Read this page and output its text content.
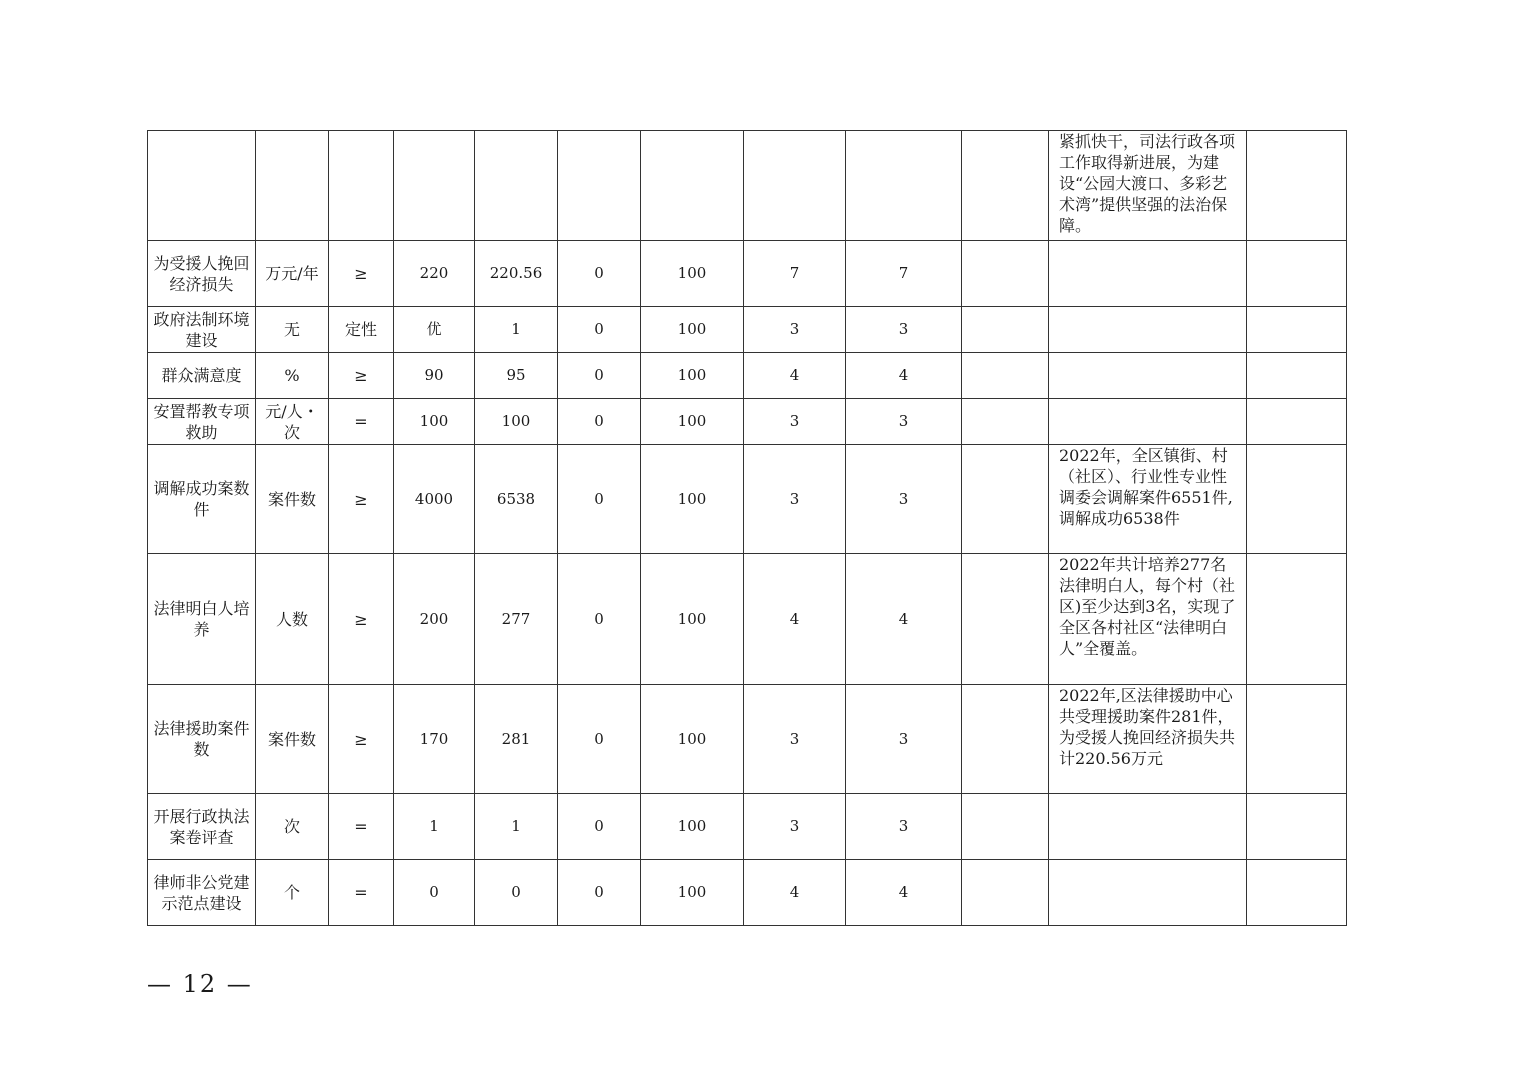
										紧抓快干，司法行政各项工作取得新进展，为建设“公园大渡口、多彩艺术湾”提供坚强的法治保障。	
为受援人挽回经济损失	万元/年	≥	220	220.56	0	100	7	7			
政府法制环境建设	无	定性	优	1	0	100	3	3			
群众满意度	%	≥	90	95	0	100	4	4			
安置帮教专项救助	元/人・次	=	100	100	0	100	3	3			
调解成功案数件	案件数	≥	4000	6538	0	100	3	3		2022年，全区镇街、村（社区）、行业性专业性调委会调解案件6551件,调解成功6538件	
法律明白人培养	人数	≥	200	277	0	100	4	4		2022年共计培养277名法律明白人，每个村（社区)至少达到3名，实现了全区各村社区“法律明白人”全覆盖。	
法律援助案件数	案件数	≥	170	281	0	100	3	3		2022年,区法律援助中心共受理援助案件281件，为受援人挽回经济损失共计220.56万元	
开展行政执法案卷评查	次	=	1	1	0	100	3	3			
律师非公党建示范点建设	个	=	0	0	0	100	4	4			
— 12 —
